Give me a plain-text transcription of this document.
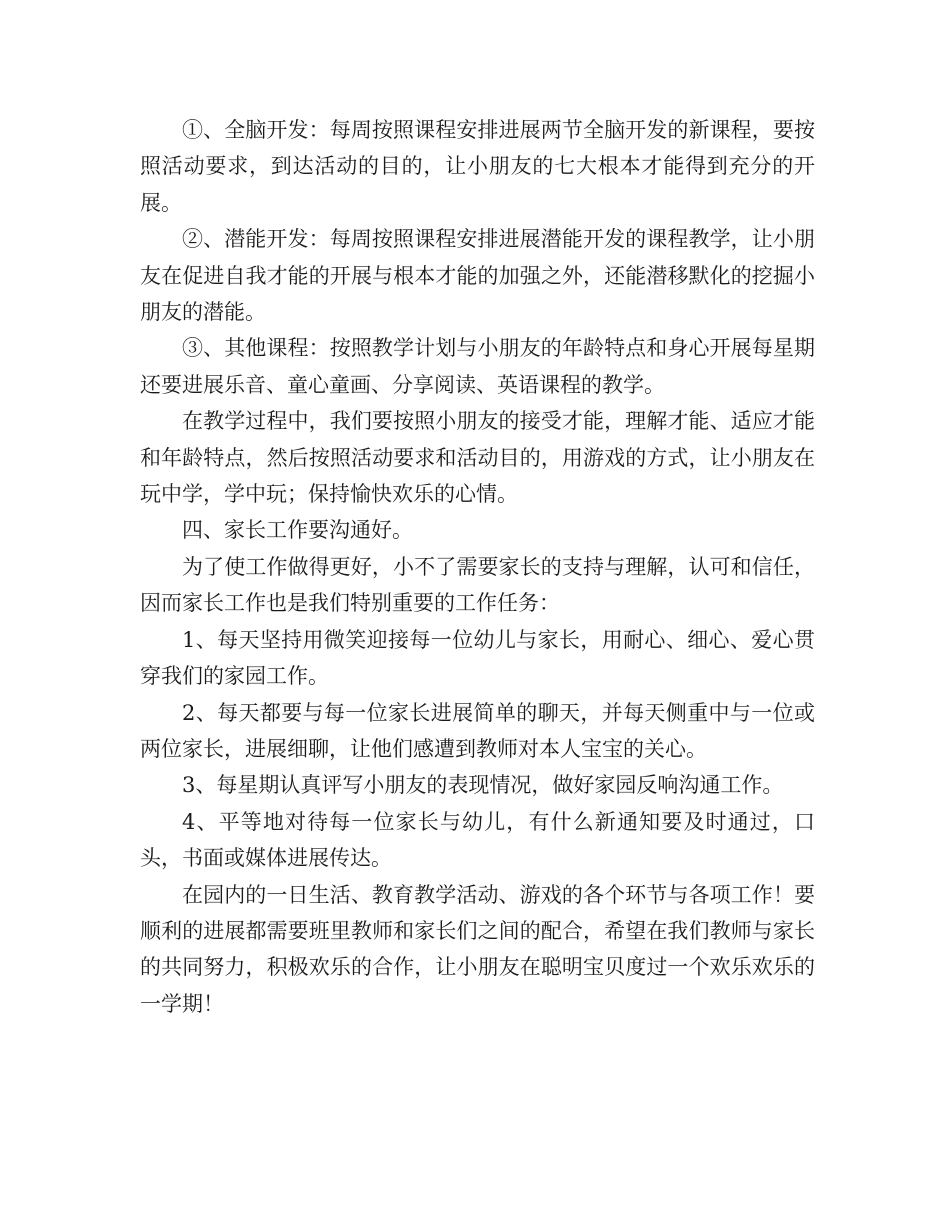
①、全脑开发：每周按照课程安排进展两节全脑开发的新课程，要按照活动要求，到达活动的目的，让小朋友的七大根本才能得到充分的开展。

②、潜能开发：每周按照课程安排进展潜能开发的课程教学，让小朋友在促进自我才能的开展与根本才能的加强之外，还能潜移默化的挖掘小朋友的潜能。

③、其他课程：按照教学计划与小朋友的年龄特点和身心开展每星期还要进展乐音、童心童画、分享阅读、英语课程的教学。

在教学过程中，我们要按照小朋友的接受才能，理解才能、适应才能和年龄特点，然后按照活动要求和活动目的，用游戏的方式，让小朋友在玩中学，学中玩；保持愉快欢乐的心情。

四、家长工作要沟通好。

为了使工作做得更好，小不了需要家长的支持与理解，认可和信任，因而家长工作也是我们特别重要的工作任务：

1、每天坚持用微笑迎接每一位幼儿与家长，用耐心、细心、爱心贯穿我们的家园工作。

2、每天都要与每一位家长进展简单的聊天，并每天侧重中与一位或两位家长，进展细聊，让他们感遭到教师对本人宝宝的关心。

3、每星期认真评写小朋友的表现情况，做好家园反响沟通工作。

4、平等地对待每一位家长与幼儿，有什么新通知要及时通过，口头，书面或媒体进展传达。

在园内的一日生活、教育教学活动、游戏的各个环节与各项工作！要顺利的进展都需要班里教师和家长们之间的配合，希望在我们教师与家长的共同努力，积极欢乐的合作，让小朋友在聪明宝贝度过一个欢乐欢乐的一学期！
